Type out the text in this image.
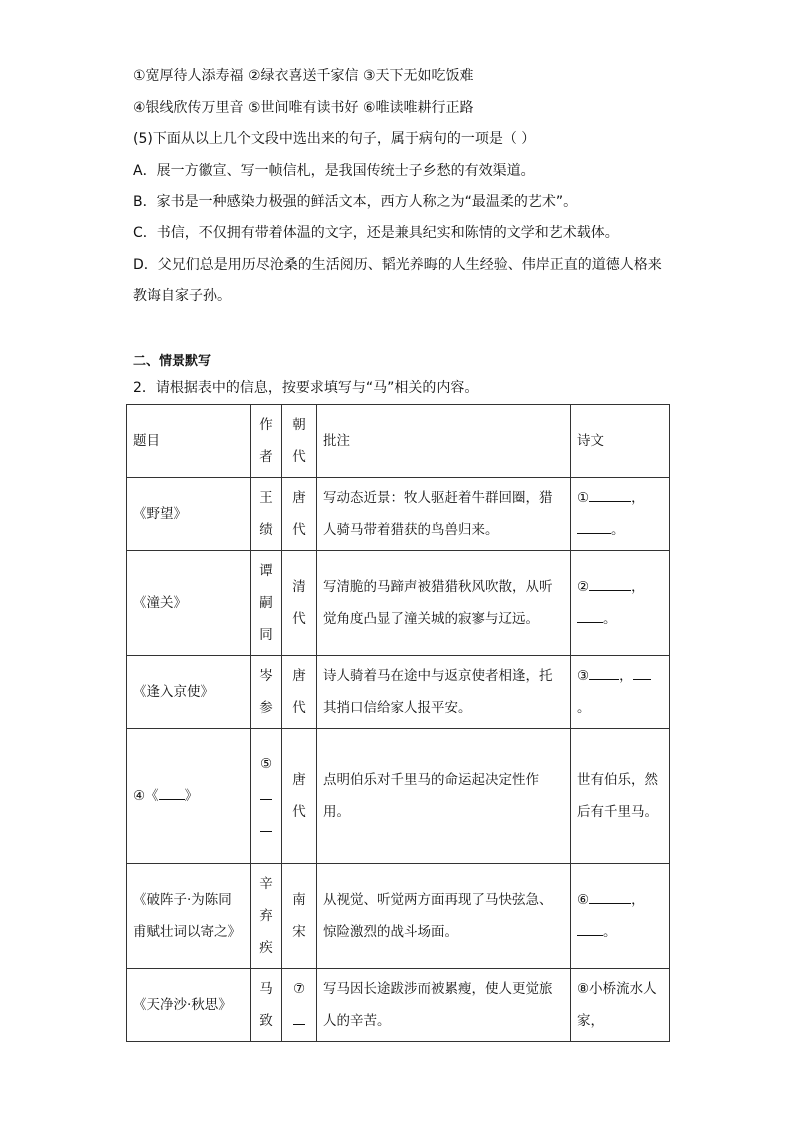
①宽厚待人添寿福 ②绿衣喜送千家信 ③天下无如吃饭难
④银线欣传万里音 ⑤世间唯有读书好 ⑥唯读唯耕行正路
(5)下面从以上几个文段中选出来的句子，属于病句的一项是（ ）
A．展一方徽宣、写一帧信札，是我国传统士子乡愁的有效渠道。
B．家书是一种感染力极强的鲜活文本，西方人称之为“最温柔的艺术”。
C．书信，不仅拥有带着体温的文字，还是兼具纪实和陈情的文学和艺术载体。
D．父兄们总是用历尽沧桑的生活阅历、韬光养晦的人生经验、伟岸正直的道德人格来
教诲自家子孙。
二、情景默写
2．请根据表中的信息，按要求填写与“马”相关的内容。
题目	作者	朝代	批注	诗文
《野望》	王绩	唐代	写动态近景：牧人驱赶着牛群回圈，猎人骑马带着猎获的鸟兽归来。	① ，
。
《潼关》	谭嗣同	清代	写清脆的马蹄声被猎猎秋风吹散，从听觉角度凸显了潼关城的寂寥与辽远。	② ，
。
《逢入京使》	岑参	唐代	诗人骑着马在途中与返京使者相逢，托其捎口信给家人报平安。	③ ，。
④《 》	⑤	唐代	点明伯乐对千里马的命运起决定性作用。	世有伯乐，然后有千里马。
《破阵子·为陈同甫赋壮词以寄之》	辛弃疾	南宋	从视觉、听觉两方面再现了马快弦急、惊险激烈的战斗场面。	⑥ ，
。
《天净沙·秋思》	马致	⑦	写马因长途跋涉而被累瘦，使人更觉旅人的辛苦。	⑧小桥流水人家，
